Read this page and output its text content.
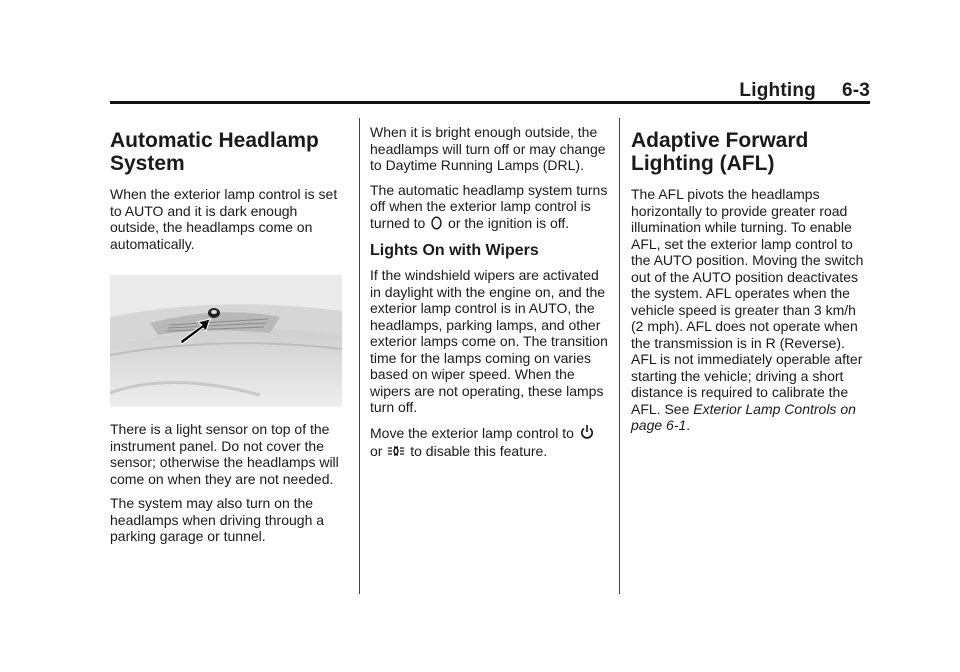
Lighting 6-3
Automatic Headlamp System

When the exterior lamp control is set to AUTO and it is dark enough outside, the headlamps come on automatically.

There is a light sensor on top of the instrument panel. Do not cover the sensor; otherwise the headlamps will come on when they are not needed.

The system may also turn on the headlamps when driving through a parking garage or tunnel.

When it is bright enough outside, the headlamps will turn off or may change to Daytime Running Lamps (DRL).

The automatic headlamp system turns off when the exterior lamp control is turned to or the ignition is off.

Lights On with Wipers

If the windshield wipers are activated in daylight with the engine on, and the exterior lamp control is in AUTO, the headlamps, parking lamps, and other exterior lamps come on. The transition time for the lamps coming on varies based on wiper speed. When the wipers are not operating, these lamps turn off.

Move the exterior lamp control to
or to disable this feature.

Adaptive Forward Lighting (AFL)

The AFL pivots the headlamps horizontally to provide greater road illumination while turning. To enable AFL, set the exterior lamp control to the AUTO position. Moving the switch out of the AUTO position deactivates the system. AFL operates when the vehicle speed is greater than 3 km/h (2 mph). AFL does not operate when the transmission is in R (Reverse). AFL is not immediately operable after starting the vehicle; driving a short distance is required to calibrate the AFL. See Exterior Lamp Controls on page 6-1.
